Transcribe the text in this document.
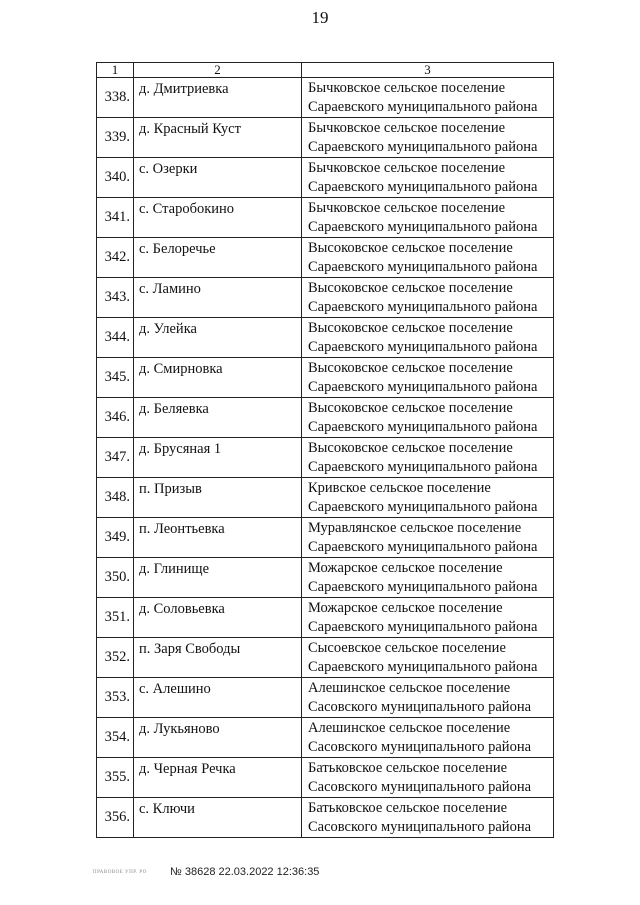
19
1	2	3
338.	д. Дмитриевка	Бычковское сельское поселение
Сараевского муниципального района

339.	д. Красный Куст	Бычковское сельское поселение
Сараевского муниципального района

340.	с. Озерки	Бычковское сельское поселение
Сараевского муниципального района

341.	с. Старобокино	Бычковское сельское поселение
Сараевского муниципального района

342.	с. Белоречье	Высоковское сельское поселение
Сараевского муниципального района

343.	с. Ламино	Высоковское сельское поселение
Сараевского муниципального района

344.	д. Улейка	Высоковское сельское поселение
Сараевского муниципального района

345.	д. Смирновка	Высоковское сельское поселение
Сараевского муниципального района

346.	д. Беляевка	Высоковское сельское поселение
Сараевского муниципального района

347.	д. Брусяная 1	Высоковское сельское поселение
Сараевского муниципального района

348.	п. Призыв	Кривское сельское поселение
Сараевского муниципального района

349.	п. Леонтьевка	Муравлянское сельское поселение
Сараевского муниципального района

350.	д. Глинище	Можарское сельское поселение
Сараевского муниципального района

351.	д. Соловьевка	Можарское сельское поселение
Сараевского муниципального района

352.	п. Заря Свободы	Сысоевское сельское поселение
Сараевского муниципального района

353.	с. Алешино	Алешинское сельское поселение
Сасовского муниципального района

354.	д. Лукьяново	Алешинское сельское поселение
Сасовского муниципального района

355.	д. Черная Речка	Батьковское сельское поселение
Сасовского муниципального района

356.	с. Ключи	Батьковское сельское поселение
Сасовского муниципального района
ПРАВОВОЕ УПР. РО № 38628 22.03.2022 12:36:35
